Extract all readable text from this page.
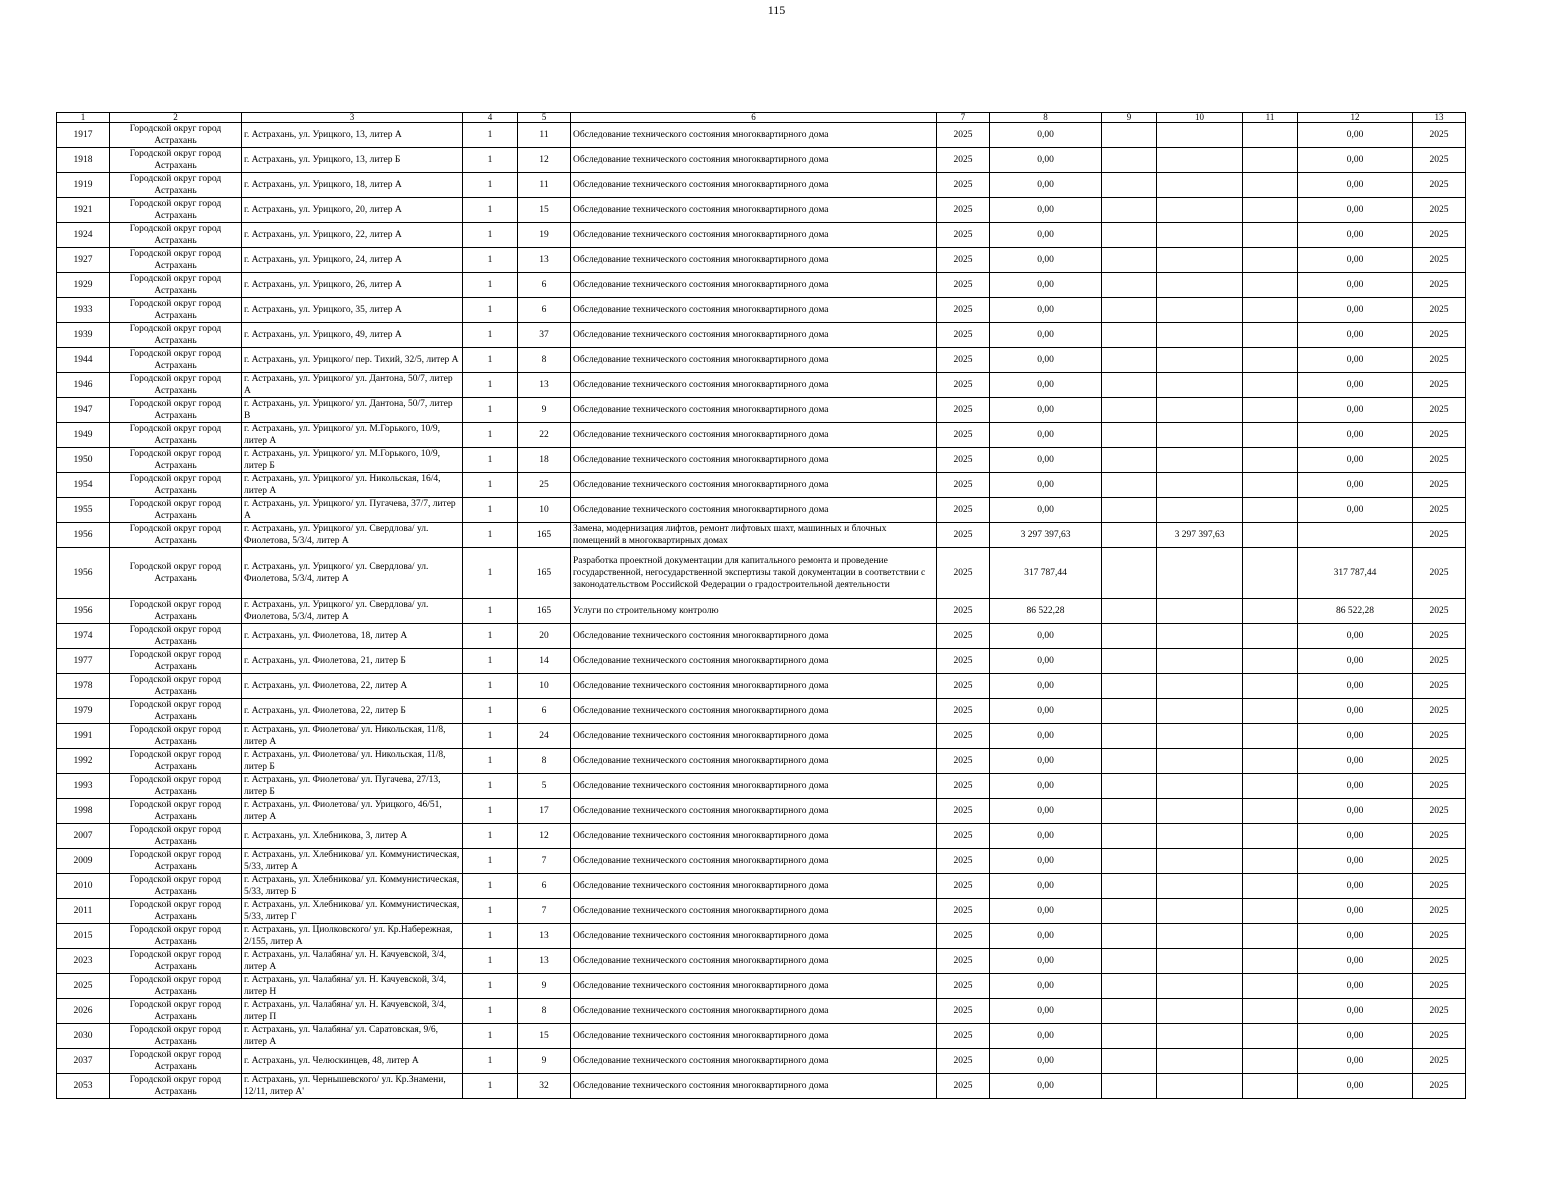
115
1	2	3	4	5	6	7	8	9	10	11	12	13
1917	Городской округ город Астрахань	г. Астрахань, ул. Урицкого, 13, литер А	1	11	Обследование технического состояния многоквартирного дома	2025	0,00				0,00	2025
1918	Городской округ город Астрахань	г. Астрахань, ул. Урицкого, 13, литер Б	1	12	Обследование технического состояния многоквартирного дома	2025	0,00				0,00	2025
1919	Городской округ город Астрахань	г. Астрахань, ул. Урицкого, 18, литер А	1	11	Обследование технического состояния многоквартирного дома	2025	0,00				0,00	2025
1921	Городской округ город Астрахань	г. Астрахань, ул. Урицкого, 20, литер А	1	15	Обследование технического состояния многоквартирного дома	2025	0,00				0,00	2025
1924	Городской округ город Астрахань	г. Астрахань, ул. Урицкого, 22, литер А	1	19	Обследование технического состояния многоквартирного дома	2025	0,00				0,00	2025
1927	Городской округ город Астрахань	г. Астрахань, ул. Урицкого, 24, литер А	1	13	Обследование технического состояния многоквартирного дома	2025	0,00				0,00	2025
1929	Городской округ город Астрахань	г. Астрахань, ул. Урицкого, 26, литер А	1	6	Обследование технического состояния многоквартирного дома	2025	0,00				0,00	2025
1933	Городской округ город Астрахань	г. Астрахань, ул. Урицкого, 35, литер А	1	6	Обследование технического состояния многоквартирного дома	2025	0,00				0,00	2025
1939	Городской округ город Астрахань	г. Астрахань, ул. Урицкого, 49, литер А	1	37	Обследование технического состояния многоквартирного дома	2025	0,00				0,00	2025
1944	Городской округ город Астрахань	г. Астрахань, ул. Урицкого/ пер. Тихий, 32/5, литер А	1	8	Обследование технического состояния многоквартирного дома	2025	0,00				0,00	2025
1946	Городской округ город Астрахань	г. Астрахань, ул. Урицкого/ ул. Дантона, 50/7, литер А	1	13	Обследование технического состояния многоквартирного дома	2025	0,00				0,00	2025
1947	Городской округ город Астрахань	г. Астрахань, ул. Урицкого/ ул. Дантона, 50/7, литер В	1	9	Обследование технического состояния многоквартирного дома	2025	0,00				0,00	2025
1949	Городской округ город Астрахань	г. Астрахань, ул. Урицкого/ ул. М.Горького, 10/9, литер А	1	22	Обследование технического состояния многоквартирного дома	2025	0,00				0,00	2025
1950	Городской округ город Астрахань	г. Астрахань, ул. Урицкого/ ул. М.Горького, 10/9, литер Б	1	18	Обследование технического состояния многоквартирного дома	2025	0,00				0,00	2025
1954	Городской округ город Астрахань	г. Астрахань, ул. Урицкого/ ул. Никольская, 16/4, литер А	1	25	Обследование технического состояния многоквартирного дома	2025	0,00				0,00	2025
1955	Городской округ город Астрахань	г. Астрахань, ул. Урицкого/ ул. Пугачева, 37/7, литер А	1	10	Обследование технического состояния многоквартирного дома	2025	0,00				0,00	2025
1956	Городской округ город Астрахань	г. Астрахань, ул. Урицкого/ ул. Свердлова/ ул. Фиолетова, 5/3/4, литер А	1	165	Замена, модернизация лифтов, ремонт лифтовых шахт, машинных и блочных помещений в многоквартирных домах	2025	3 297 397,63		3 297 397,63			2025
1956	Городской округ город Астрахань	г. Астрахань, ул. Урицкого/ ул. Свердлова/ ул. Фиолетова, 5/3/4, литер А	1	165	Разработка проектной документации для капитального ремонта и проведение государственной, негосударственной экспертизы такой документации в соответствии с законодательством Российской Федерации о градостроительной деятельности	2025	317 787,44				317 787,44	2025
1956	Городской округ город Астрахань	г. Астрахань, ул. Урицкого/ ул. Свердлова/ ул. Фиолетова, 5/3/4, литер А	1	165	Услуги по строительному контролю	2025	86 522,28				86 522,28	2025
1974	Городской округ город Астрахань	г. Астрахань, ул. Фиолетова, 18, литер А	1	20	Обследование технического состояния многоквартирного дома	2025	0,00				0,00	2025
1977	Городской округ город Астрахань	г. Астрахань, ул. Фиолетова, 21, литер Б	1	14	Обследование технического состояния многоквартирного дома	2025	0,00				0,00	2025
1978	Городской округ город Астрахань	г. Астрахань, ул. Фиолетова, 22, литер А	1	10	Обследование технического состояния многоквартирного дома	2025	0,00				0,00	2025
1979	Городской округ город Астрахань	г. Астрахань, ул. Фиолетова, 22, литер Б	1	6	Обследование технического состояния многоквартирного дома	2025	0,00				0,00	2025
1991	Городской округ город Астрахань	г. Астрахань, ул. Фиолетова/ ул. Никольская, 11/8, литер А	1	24	Обследование технического состояния многоквартирного дома	2025	0,00				0,00	2025
1992	Городской округ город Астрахань	г. Астрахань, ул. Фиолетова/ ул. Никольская, 11/8, литер Б	1	8	Обследование технического состояния многоквартирного дома	2025	0,00				0,00	2025
1993	Городской округ город Астрахань	г. Астрахань, ул. Фиолетова/ ул. Пугачева, 27/13, литер Б	1	5	Обследование технического состояния многоквартирного дома	2025	0,00				0,00	2025
1998	Городской округ город Астрахань	г. Астрахань, ул. Фиолетова/ ул. Урицкого, 46/51, литер А	1	17	Обследование технического состояния многоквартирного дома	2025	0,00				0,00	2025
2007	Городской округ город Астрахань	г. Астрахань, ул. Хлебникова, 3, литер А	1	12	Обследование технического состояния многоквартирного дома	2025	0,00				0,00	2025
2009	Городской округ город Астрахань	г. Астрахань, ул. Хлебникова/ ул. Коммунистическая, 5/33, литер А	1	7	Обследование технического состояния многоквартирного дома	2025	0,00				0,00	2025
2010	Городской округ город Астрахань	г. Астрахань, ул. Хлебникова/ ул. Коммунистическая, 5/33, литер Б	1	6	Обследование технического состояния многоквартирного дома	2025	0,00				0,00	2025
2011	Городской округ город Астрахань	г. Астрахань, ул. Хлебникова/ ул. Коммунистическая, 5/33, литер Г	1	7	Обследование технического состояния многоквартирного дома	2025	0,00				0,00	2025
2015	Городской округ город Астрахань	г. Астрахань, ул. Циолковского/ ул. Кр.Набережная, 2/155, литер А	1	13	Обследование технического состояния многоквартирного дома	2025	0,00				0,00	2025
2023	Городской округ город Астрахань	г. Астрахань, ул. Чалабяна/ ул. Н. Качуевской, 3/4, литер А	1	13	Обследование технического состояния многоквартирного дома	2025	0,00				0,00	2025
2025	Городской округ город Астрахань	г. Астрахань, ул. Чалабяна/ ул. Н. Качуевской, 3/4, литер Н	1	9	Обследование технического состояния многоквартирного дома	2025	0,00				0,00	2025
2026	Городской округ город Астрахань	г. Астрахань, ул. Чалабяна/ ул. Н. Качуевской, 3/4, литер П	1	8	Обследование технического состояния многоквартирного дома	2025	0,00				0,00	2025
2030	Городской округ город Астрахань	г. Астрахань, ул. Чалабяна/ ул. Саратовская, 9/6, литер А	1	15	Обследование технического состояния многоквартирного дома	2025	0,00				0,00	2025
2037	Городской округ город Астрахань	г. Астрахань, ул. Челюскинцев, 48, литер А	1	9	Обследование технического состояния многоквартирного дома	2025	0,00				0,00	2025
2053	Городской округ город Астрахань	г. Астрахань, ул. Чернышевского/ ул. Кр.Знамени, 12/11, литер А'	1	32	Обследование технического состояния многоквартирного дома	2025	0,00				0,00	2025
